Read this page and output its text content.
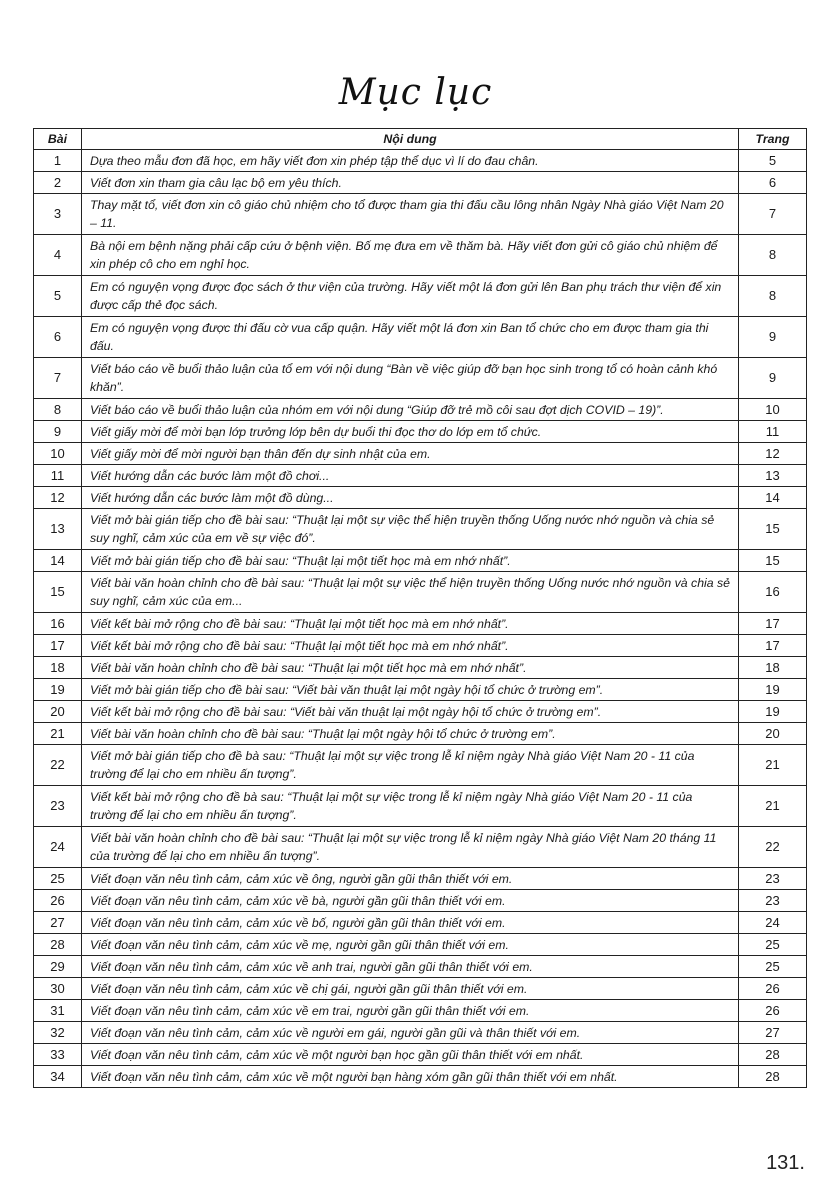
Mục lục
Bài	Nội dung	Trang
1	Dựa theo mẫu đơn đã học, em hãy viết đơn xin phép tập thể dục vì lí do đau chân.	5
2	Viết đơn xin tham gia câu lạc bộ em yêu thích.	6
3	Thay mặt tổ, viết đơn xin cô giáo chủ nhiệm cho tổ được tham gia thi đấu cầu lông nhân Ngày Nhà giáo Việt Nam 20 – 11.	7
4	Bà nội em bệnh nặng phải cấp cứu ở bệnh viện. Bố mẹ đưa em về thăm bà. Hãy viết đơn gửi cô giáo chủ nhiệm để xin phép cô cho em nghỉ học.	8
5	Em có nguyện vọng được đọc sách ở thư viện của trường. Hãy viết một lá đơn gửi lên Ban phụ trách thư viện để xin được cấp thẻ đọc sách.	8
6	Em có nguyện vọng được thi đấu cờ vua cấp quận. Hãy viết một lá đơn xin Ban tổ chức cho em được tham gia thi đấu.	9
7	Viết báo cáo về buổi thảo luận của tổ em với nội dung “Bàn về việc giúp đỡ bạn học sinh trong tổ có hoàn cảnh khó khăn”.	9
8	Viết báo cáo về buổi thảo luận của nhóm em với nội dung “Giúp đỡ trẻ mồ côi sau đợt dịch COVID – 19)”.	10
9	Viết giấy mời để mời bạn lớp trưởng lớp bên dự buổi thi đọc thơ do lớp em tổ chức.	11
10	Viết giấy mời để mời người bạn thân đến dự sinh nhật của em.	12
11	Viết hướng dẫn các bước làm một đồ chơi...	13
12	Viết hướng dẫn các bước làm một đồ dùng...	14
13	Viết mở bài gián tiếp cho đề bài sau: “Thuật lại một sự việc thể hiện truyền thống Uống nước nhớ nguồn và chia sẻ suy nghĩ, cảm xúc của em về sự việc đó”.	15
14	Viết mở bài gián tiếp cho đề bài sau: “Thuật lại một tiết học mà em nhớ nhất”.	15
15	Viết bài văn hoàn chỉnh cho đề bài sau: “Thuật lại một sự việc thể hiện truyền thống Uống nước nhớ nguồn và chia sẻ suy nghĩ, cảm xúc của em...	16
16	Viết kết bài mở rộng cho đề bài sau: “Thuật lại một tiết học mà em nhớ nhất”.	17
17	Viết kết bài mở rộng cho đề bài sau: “Thuật lại một tiết học mà em nhớ nhất”.	17
18	Viết bài văn hoàn chỉnh cho đề bài sau: “Thuật lại một tiết học mà em nhớ nhất”.	18
19	Viết mở bài gián tiếp cho đề bài sau: “Viết bài văn thuật lại một ngày hội tổ chức ở trường em”.	19
20	Viết kết bài mở rộng cho đề bài sau: “Viết bài văn thuật lại một ngày hội tổ chức ở trường em”.	19
21	Viết bài văn hoàn chỉnh cho đề bài sau: “Thuật lại một ngày hội tổ chức ở trường em”.	20
22	Viết mở bài gián tiếp cho đề bà sau: “Thuật lại một sự việc trong lễ kỉ niệm ngày Nhà giáo Việt Nam 20 - 11 của trường để lại cho em nhiều ấn tượng”.	21
23	Viết kết bài mở rộng cho đề bà sau: “Thuật lại một sự việc trong lễ kỉ niệm ngày Nhà giáo Việt Nam 20 - 11 của trường để lại cho em nhiều ấn tượng”.	21
24	Viết bài văn hoàn chỉnh cho đề bài sau: “Thuật lại một sự việc trong lễ kỉ niệm ngày Nhà giáo Việt Nam 20 tháng 11 của trường để lại cho em nhiều ấn tượng”.	22
25	Viết đoạn văn nêu tình cảm, cảm xúc về ông, người gần gũi thân thiết với em.	23
26	Viết đoạn văn nêu tình cảm, cảm xúc về bà, người gần gũi thân thiết với em.	23
27	Viết đoạn văn nêu tình cảm, cảm xúc về bố, người gần gũi thân thiết với em.	24
28	Viết đoạn văn nêu tình cảm, cảm xúc về mẹ, người gần gũi thân thiết với em.	25
29	Viết đoạn văn nêu tình cảm, cảm xúc về anh trai, người gần gũi thân thiết với em.	25
30	Viết đoạn văn nêu tình cảm, cảm xúc về chị gái, người gần gũi thân thiết với em.	26
31	Viết đoạn văn nêu tình cảm, cảm xúc về em trai, người gần gũi thân thiết với em.	26
32	Viết đoạn văn nêu tình cảm, cảm xúc về người em gái, người gần gũi và thân thiết với em.	27
33	Viết đoạn văn nêu tình cảm, cảm xúc về một người bạn học gần gũi thân thiết với em nhất.	28
34	Viết đoạn văn nêu tình cảm, cảm xúc về một người bạn hàng xóm gần gũi thân thiết với em nhất.	28
131.
